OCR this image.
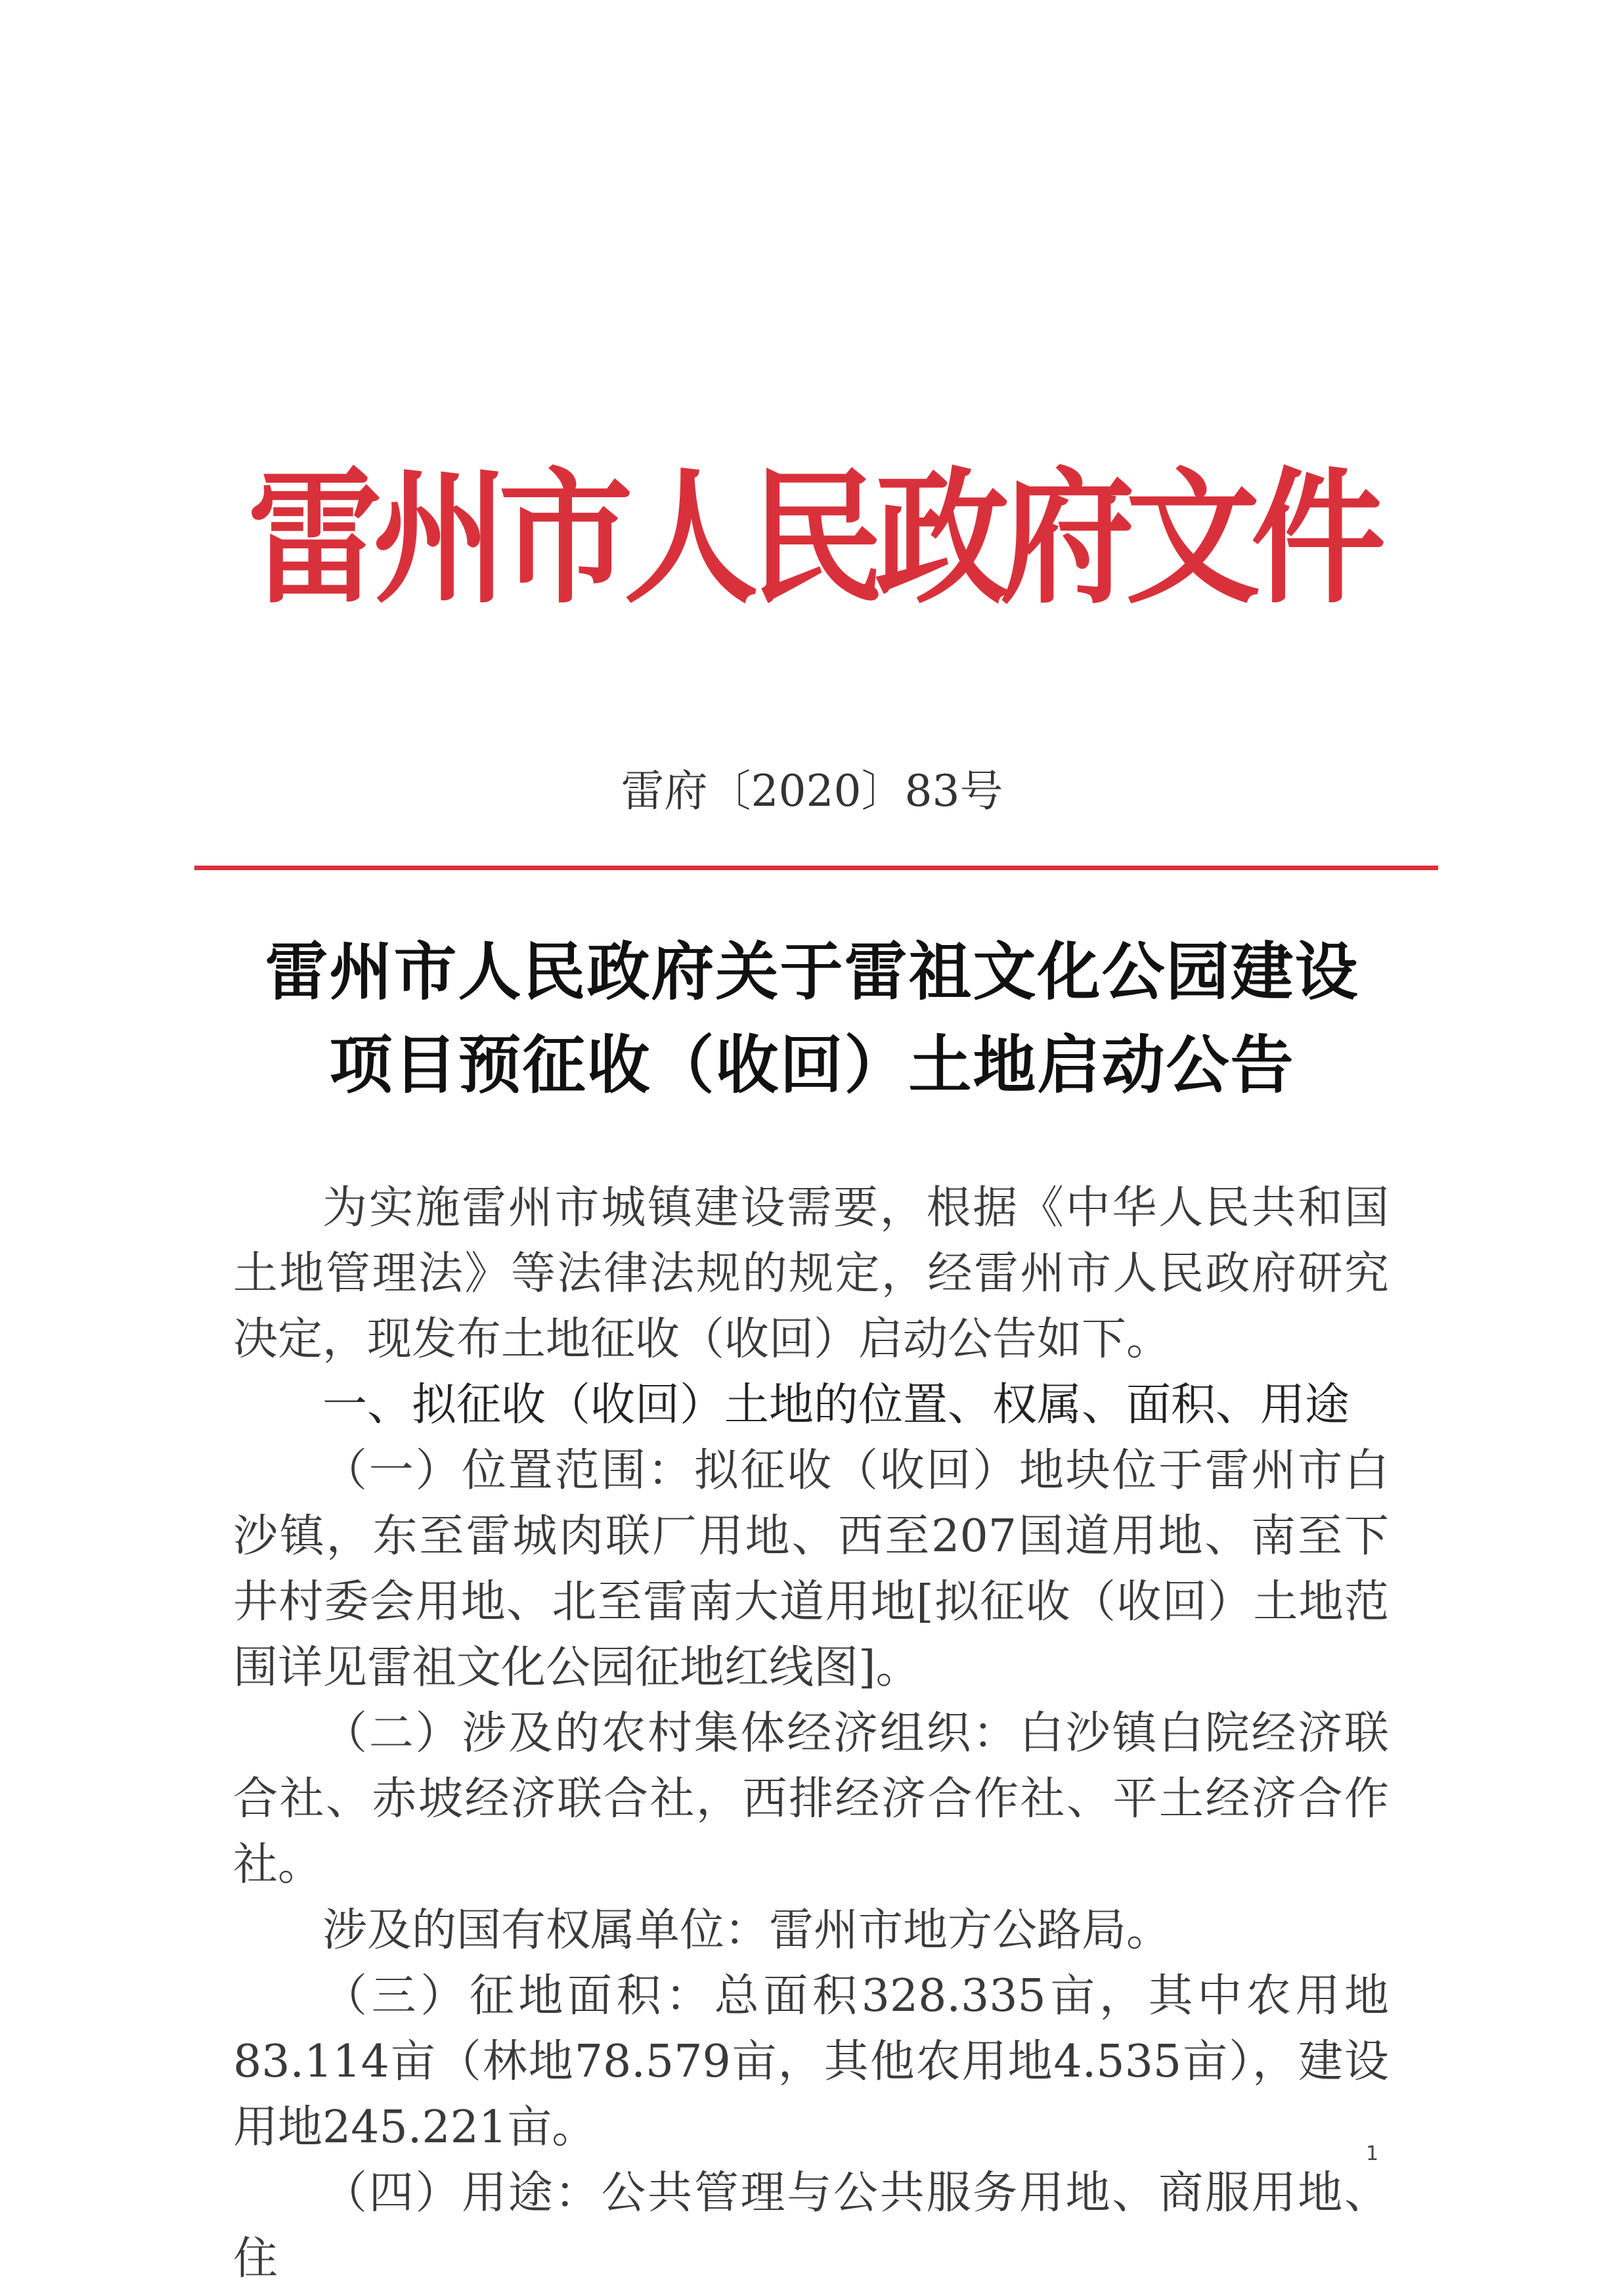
雷州市人民政府文件
雷府〔2020〕83号
雷州市人民政府关于雷祖文化公园建设
项目预征收（收回）土地启动公告

为实施雷州市城镇建设需要，根据《中华人民共和国土地管理法》等法律法规的规定，经雷州市人民政府研究决定，现发布土地征收（收回）启动公告如下。

一、拟征收（收回）土地的位置、权属、面积、用途

（一）位置范围：拟征收（收回）地块位于雷州市白沙镇，东至雷城肉联厂用地、西至207国道用地、南至下井村委会用地、北至雷南大道用地[拟征收（收回）土地范围详见雷祖文化公园征地红线图]。

（二）涉及的农村集体经济组织：白沙镇白院经济联合社、赤坡经济联合社，西排经济合作社、平土经济合作社。

涉及的国有权属单位：雷州市地方公路局。

（三）征地面积：总面积328.335亩，其中农用地83.114亩（林地78.579亩，其他农用地4.535亩），建设用地245.221亩。

（四）用途：公共管理与公共服务用地、商服用地、住

1
